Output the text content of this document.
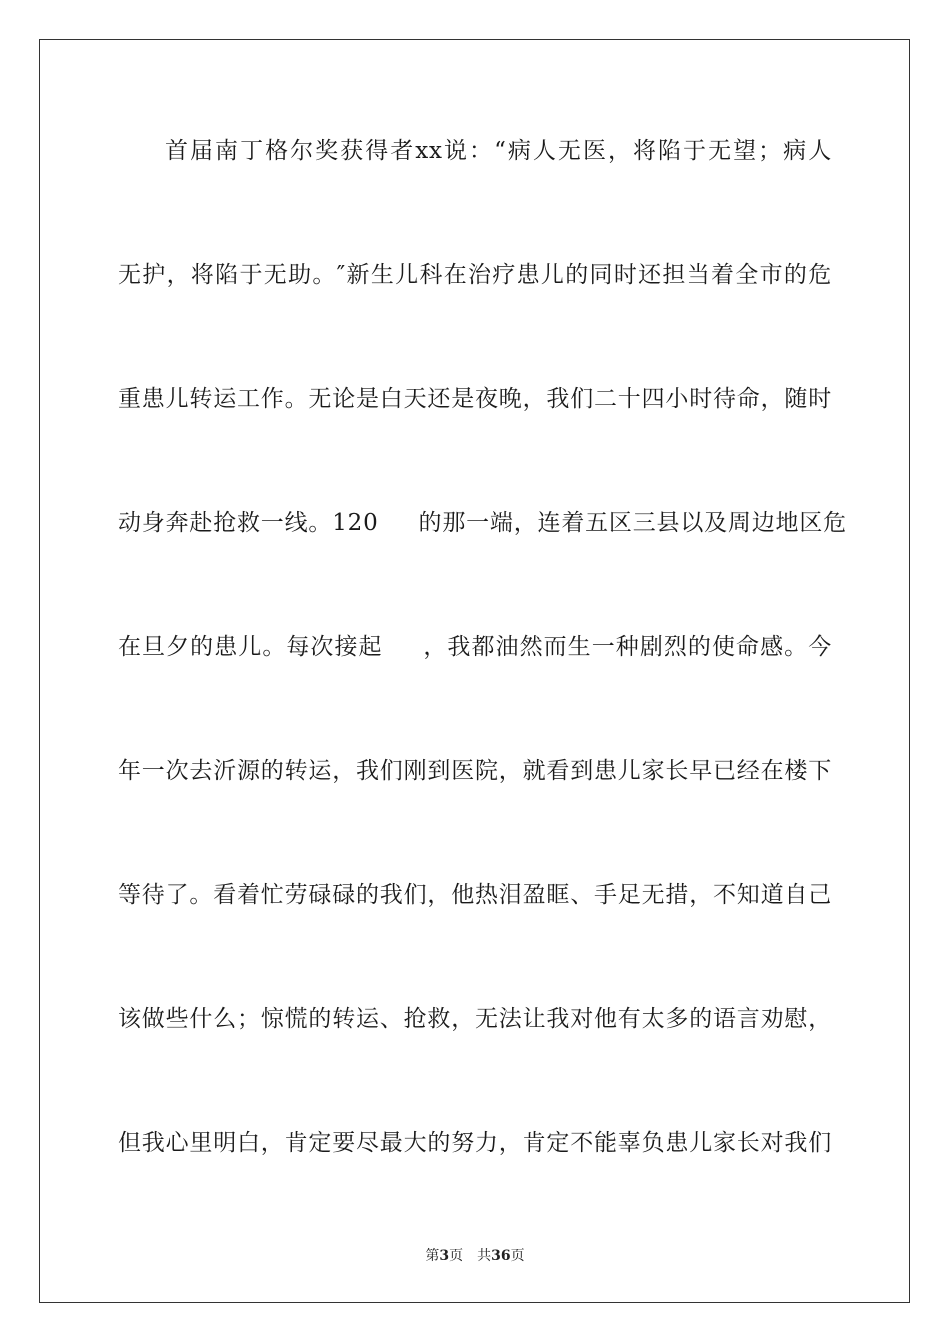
首届南丁格尔奖获得者xx说：“病人无医，将陷于无望；病人
无护，将陷于无助。″新生儿科在治疗患儿的同时还担当着全市的危
重患儿转运工作。无论是白天还是夜晚，我们二十四小时待命，随时
动身奔赴抢救一线。120 　 的那一端，连着五区三县以及周边地区危
在旦夕的患儿。每次接起 　 ，我都油然而生一种剧烈的使命感。今
年一次去沂源的转运，我们刚到医院，就看到患儿家长早已经在楼下
等待了。看着忙劳碌碌的我们，他热泪盈眶、手足无措，不知道自己
该做些什么；惊慌的转运、抢救，无法让我对他有太多的语言劝慰，
但我心里明白，肯定要尽最大的努力，肯定不能辜负患儿家长对我们
第3页 共36页
